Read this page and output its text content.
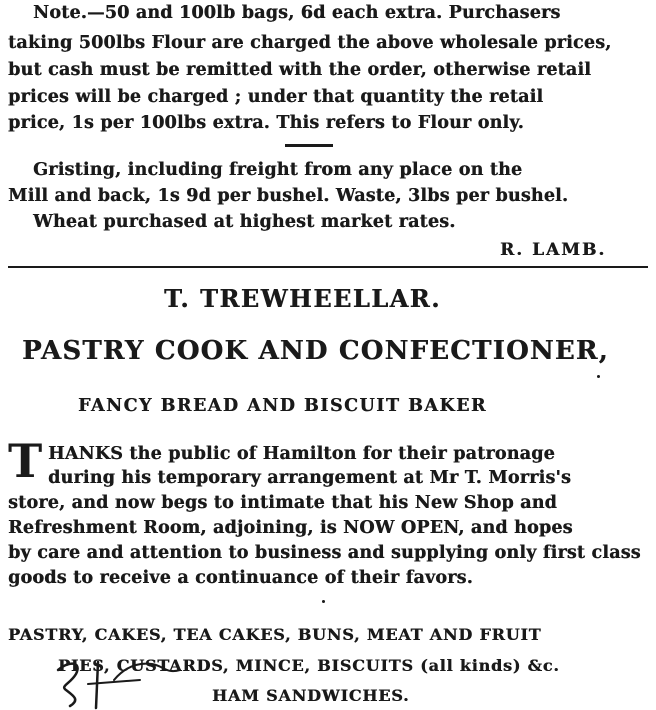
Note.—50 and 100lb bags, 6d each extra. Purchasers
taking 500lbs Flour are charged the above wholesale prices,
but cash must be remitted with the order, otherwise retail
prices will be charged ; under that quantity the retail
price, 1s per 100lbs extra. This refers to Flour only.
Gristing, including freight from any place on the
Mill and back, 1s 9d per bushel. Waste, 3lbs per bushel.
Wheat purchased at highest market rates.
R. LAMB.
T. TREWHEELLAR.
PASTRY COOK AND CONFECTIONER,
FANCY BREAD AND BISCUIT BAKER
T HANKS the public of Hamilton for their patronage
during his temporary arrangement at Mr T. Morris's
store, and now begs to intimate that his New Shop and
Refreshment Room, adjoining, is NOW OPEN, and hopes
by care and attention to business and supplying only first class
goods to receive a continuance of their favors.
PASTRY, CAKES, TEA CAKES, BUNS, MEAT AND FRUIT
PIES, CUSTARDS, MINCE, BISCUITS (all kinds) &c.
HAM SANDWICHES.
